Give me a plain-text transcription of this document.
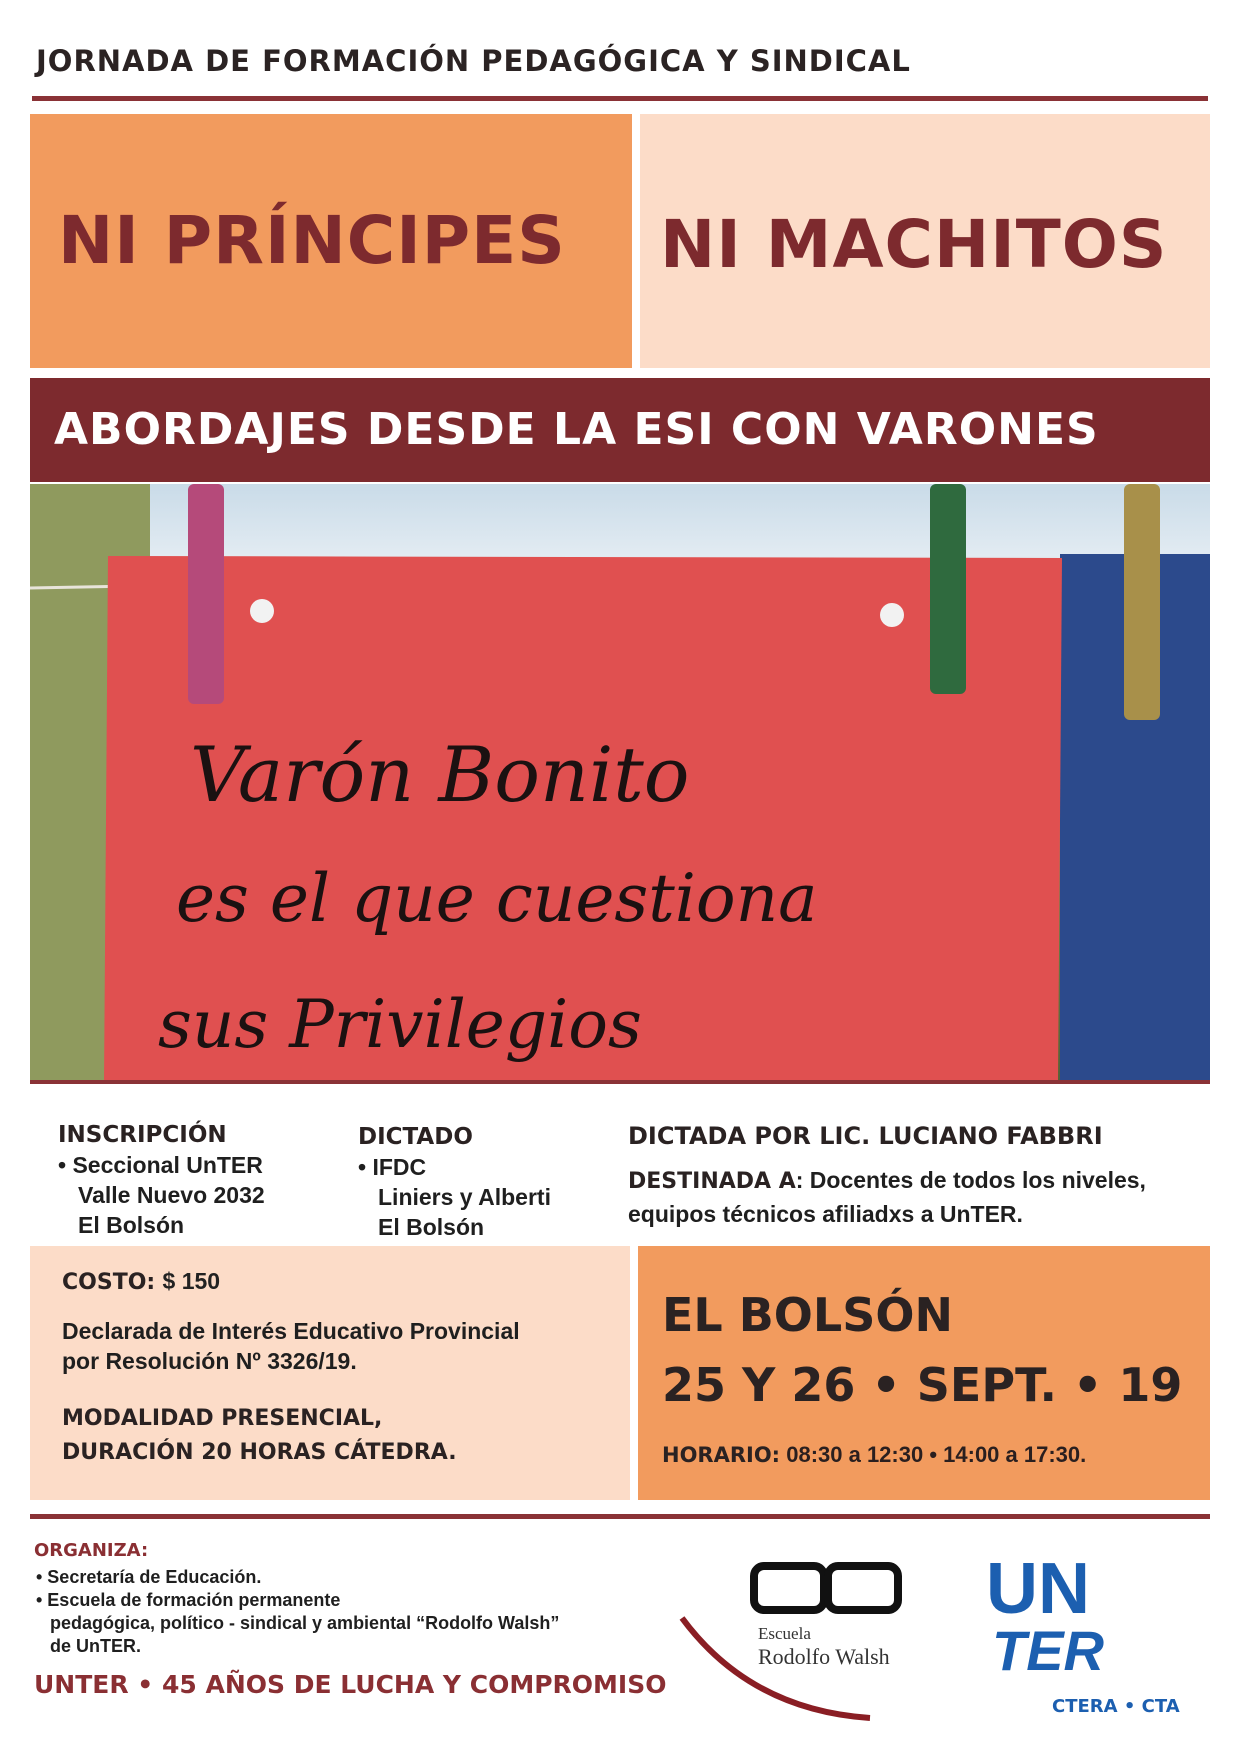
JORNADA DE FORMACIÓN PEDAGÓGICA Y SINDICAL
NI PRÍNCIPES NI MACHITOS
ABORDAJES DESDE LA ESI CON VARONES
Varón Bonito
es el que cuestiona
sus Privilegios
INSCRIPCIÓN
• Seccional UnTER
Valle Nuevo 2032
El Bolsón
DICTADO
• IFDC
Liniers y Alberti
El Bolsón
DICTADA POR LIC. LUCIANO FABBRI
DESTINADA A: Docentes de todos los niveles,
equipos técnicos afiliadxs a UnTER.
COSTO: $ 150
Declarada de Interés Educativo Provincial
por Resolución Nº 3326/19.
MODALIDAD PRESENCIAL,
DURACIÓN 20 HORAS CÁTEDRA.
EL BOLSÓN
25 Y 26 • SEPT. • 19
HORARIO: 08:30 a 12:30 • 14:00 a 17:30.
ORGANIZA:
• Secretaría de Educación.
• Escuela de formación permanente
pedagógica, político - sindical y ambiental “Rodolfo Walsh”
de UnTER.
UNTER • 45 AÑOS DE LUCHA Y COMPROMISO
Escuela
Rodolfo Walsh
UN
TER
CTERA • CTA
